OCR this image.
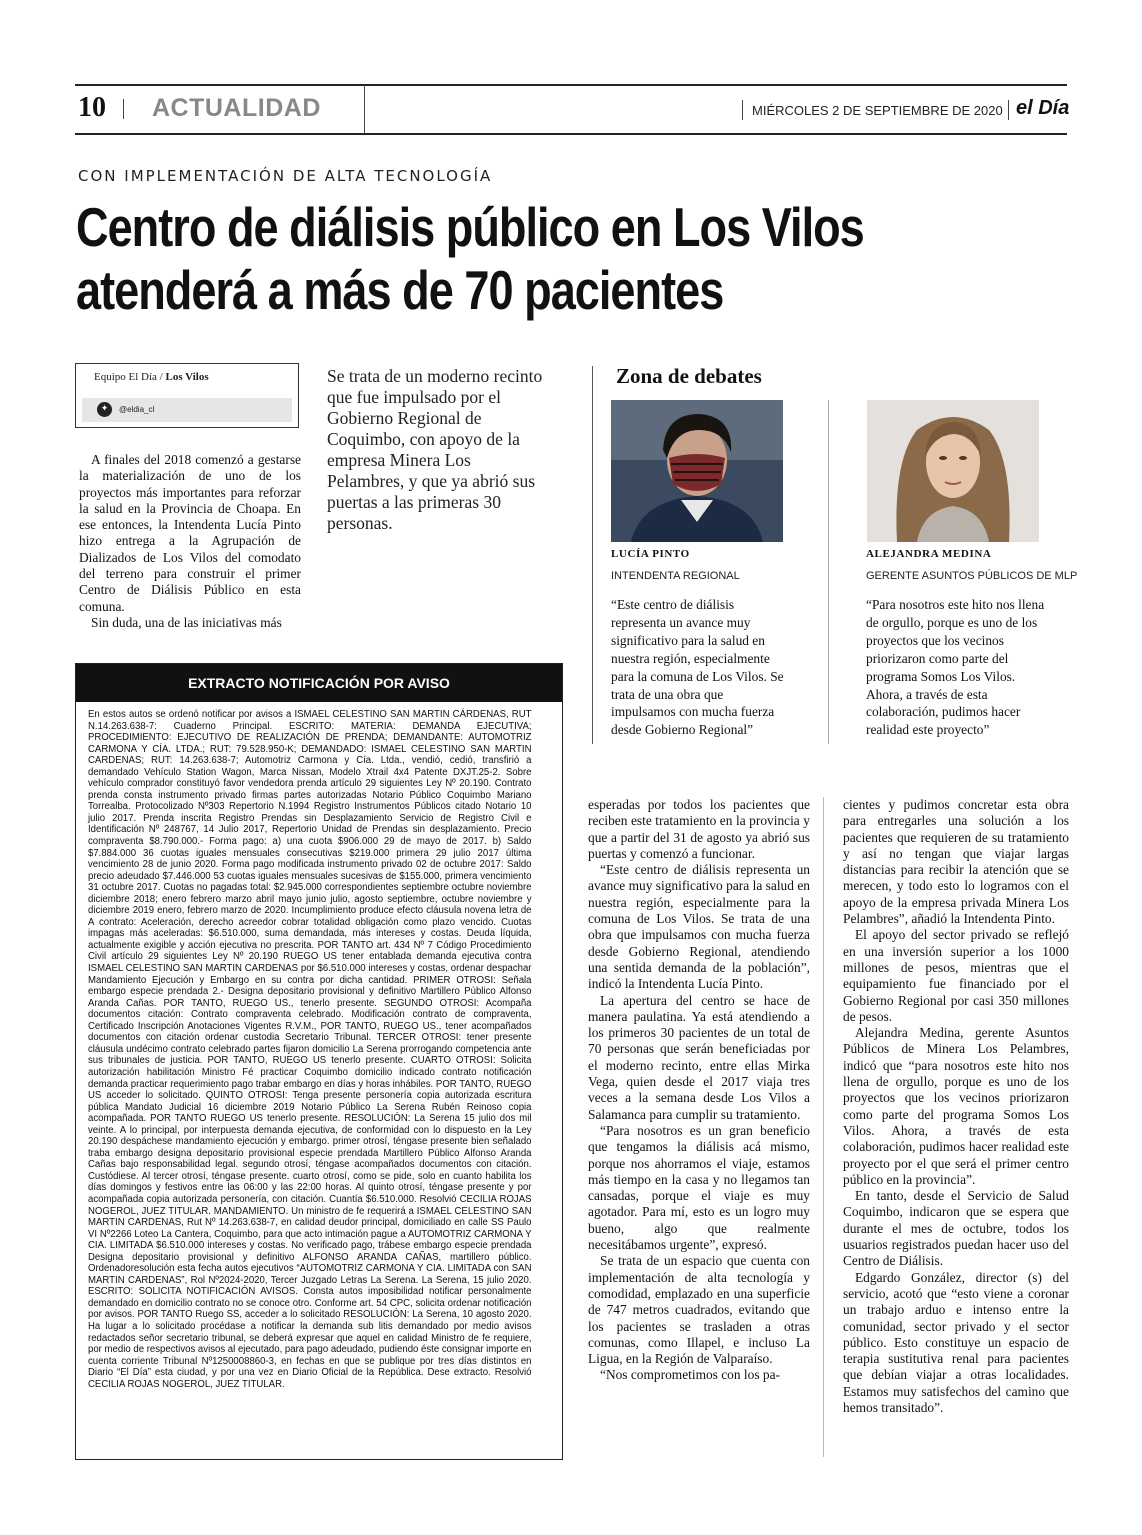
10 ACTUALIDAD	MIÉRCOLES 2 DE SEPTIEMBRE DE 2020 el Día
CON IMPLEMENTACIÓN DE ALTA TECNOLOGÍA
Centro de diálisis público en Los Vilos
atenderá a más de 70 pacientes
Equipo El Día / Los Vilos
✦	@eldia_cl
Se trata de un moderno recinto que fue impulsado por el Gobierno Regional de Coquimbo, con apoyo de la empresa Minera Los Pelambres, y que ya abrió sus puertas a las primeras 30 personas.

A finales del 2018 comenzó a gestarse la materialización de uno de los proyectos más importantes para reforzar la salud en la Provincia de Choapa. En ese entonces, la Intendenta Lucía Pinto hizo entrega a la Agrupación de Dializados de Los Vilos del comodato del terreno para construir el primer Centro de Diálisis Público en esta comuna.

Sin duda, una de las iniciativas más

EXTRACTO NOTIFICACIÓN POR AVISO
En estos autos se ordenó notificar por avisos a ISMAEL CELESTINO SAN MARTIN CÁRDENAS, RUT N.14.263.638-7: Cuaderno Principal. ESCRITO: MATERIA: DEMANDA EJECUTIVA; PROCEDIMIENTO: EJECUTIVO DE REALIZACIÓN DE PRENDA; DEMANDANTE: AUTOMOTRIZ CARMONA Y CÍA. LTDA.; RUT: 79.528.950-K; DEMANDADO: ISMAEL CELESTINO SAN MARTIN CARDENAS; RUT: 14.263.638-7; Automotriz Carmona y Cía. Ltda., vendió, cedió, transfirió a demandado Vehículo Station Wagon, Marca Nissan, Modelo Xtrail 4x4 Patente DXJT.25-2. Sobre vehículo comprador constituyó favor vendedora prenda artículo 29 siguientes Ley Nº 20.190. Contrato prenda consta instrumento privado firmas partes autorizadas Notario Público Coquimbo Mariano Torrealba. Protocolizado Nº303 Repertorio N.1994 Registro Instrumentos Públicos citado Notario 10 julio 2017. Prenda inscrita Registro Prendas sin Desplazamiento Servicio de Registro Civil e Identificación Nº 248767, 14 Julio 2017, Repertorio Unidad de Prendas sin desplazamiento. Precio compraventa $8.790.000.- Forma pago: a) una cuota $906.000 29 de mayo de 2017. b) Saldo $7.884.000 36 cuotas iguales mensuales consecutivas $219.000 primera 29 julio 2017 última vencimiento 28 de junio 2020. Forma pago modificada instrumento privado 02 de octubre 2017: Saldo precio adeudado $7.446.000 53 cuotas iguales mensuales sucesivas de $155.000, primera vencimiento 31 octubre 2017. Cuotas no pagadas total: $2.945.000 correspondientes septiembre octubre noviembre diciembre 2018; enero febrero marzo abril mayo junio julio, agosto septiembre, octubre noviembre y diciembre 2019 enero, febrero marzo de 2020. Incumplimiento produce efecto cláusula novena letra de A contrato: Aceleración, derecho acreedor cobrar totalidad obligación como plazo vencido. Cuotas impagas más aceleradas: $6.510.000, suma demandada, más intereses y costas. Deuda líquida, actualmente exigible y acción ejecutiva no prescrita. POR TANTO art. 434 Nº 7 Código Procedimiento Civil artículo 29 siguientes Ley Nº 20.190 RUEGO US tener entablada demanda ejecutiva contra ISMAEL CELESTINO SAN MARTIN CARDENAS por $6.510.000 intereses y costas, ordenar despachar Mandamiento Ejecución y Embargo en su contra por dicha cantidad. PRIMER OTROSI: Señala embargo especie prendada 2.- Designa depositario provisional y definitivo Martillero Público Alfonso Aranda Cañas. POR TANTO, RUEGO US., tenerlo presente. SEGUNDO OTROSI: Acompaña documentos citación: Contrato compraventa celebrado. Modificación contrato de compraventa, Certificado Inscripción Anotaciones Vigentes R.V.M., POR TANTO, RUEGO US., tener acompañados documentos con citación ordenar custodia Secretario Tribunal. TERCER OTROSI: tener presente cláusula undécimo contrato celebrado partes fijaron domicilio La Serena prorrogando competencia ante sus tribunales de justicia. POR TANTO, RUEGO US tenerlo presente. CUARTO OTROSI: Solicita autorización habilitación Ministro Fé practicar Coquimbo domicilio indicado contrato notificación demanda practicar requerimiento pago trabar embargo en días y horas inhábiles. POR TANTO, RUEGO US acceder lo solicitado. QUINTO OTROSI: Tenga presente personería copia autorizada escritura pública Mandato Judicial 16 diciembre 2019 Notario Público La Serena Rubén Reinoso copia acompañada. POR TANTO RUEGO US tenerlo presente. RESOLUCIÓN: La Serena 15 julio dos mil veinte. A lo principal, por interpuesta demanda ejecutiva, de conformidad con lo dispuesto en la Ley 20.190 despáchese mandamiento ejecución y embargo. primer otrosí, téngase presente bien señalado traba embargo designa depositario provisional especie prendada Martillero Público Alfonso Aranda Cañas bajo responsabilidad legal. segundo otrosí, téngase acompañados documentos con citación. Custódiese. Al tercer otrosí, téngase presente. cuarto otrosí, como se pide, solo en cuanto habilita los días domingos y festivos entre las 06:00 y las 22:00 horas. Al quinto otrosí, téngase presente y por acompañada copia autorizada personería, con citación. Cuantía $6.510.000. Resolvió CECILIA ROJAS NOGEROL, JUEZ TITULAR. MANDAMIENTO. Un ministro de fe requerirá a ISMAEL CELESTINO SAN MARTIN CARDENAS, Rut Nº 14.263.638-7, en calidad deudor principal, domiciliado en calle SS Paulo VI Nº2266 Loteo La Cantera, Coquimbo, para que acto intimación pague a AUTOMOTRIZ CARMONA Y CIA. LIMITADA $6.510.000 intereses y costas. No verificado pago, trábese embargo especie prendada Designa depositario provisional y definitivo ALFONSO ARANDA CAÑAS, martillero público. Ordenadoresolución esta fecha autos ejecutivos “AUTOMOTRIZ CARMONA Y CIA. LIMITADA con SAN MARTIN CARDENAS”, Rol Nº2024-2020, Tercer Juzgado Letras La Serena. La Serena, 15 julio 2020. ESCRITO: SOLICITA NOTIFICACIÓN AVISOS. Consta autos imposibilidad notificar personalmente demandado en domicilio contrato no se conoce otro. Conforme art. 54 CPC, solicita ordenar notificación por avisos. POR TANTO Ruego SS, acceder a lo solicitado RESOLUCIÓN: La Serena, 10 agosto 2020. Ha lugar a lo solicitado procédase a notificar la demanda sub litis demandado por medio avisos redactados señor secretario tribunal, se deberá expresar que aquel en calidad Ministro de fe requiere, por medio de respectivos avisos al ejecutado, para pago adeudado, pudiendo éste consignar importe en cuenta corriente Tribunal Nº1250008860-3, en fechas en que se publique por tres días distintos en Diario “El Día” esta ciudad, y por una vez en Diario Oficial de la República. Dese extracto. Resolvió CECILIA ROJAS NOGEROL, JUEZ TITULAR.
Zona de debates
LUCÍA PINTO
INTENDENTA REGIONAL
“Este centro de diálisis representa un avance muy significativo para la salud en nuestra región, especialmente para la comuna de Los Vilos. Se trata de una obra que impulsamos con mucha fuerza desde Gobierno Regional”
ALEJANDRA MEDINA
GERENTE ASUNTOS PÚBLICOS DE MLP
“Para nosotros este hito nos llena de orgullo, porque es uno de los proyectos que los vecinos priorizaron como parte del programa Somos Los Vilos. Ahora, a través de esta colaboración, pudimos hacer realidad este proyecto”

esperadas por todos los pacientes que reciben este tratamiento en la provincia y que a partir del 31 de agosto ya abrió sus puertas y comenzó a funcionar.

“Este centro de diálisis representa un avance muy significativo para la salud en nuestra región, especialmente para la comuna de Los Vilos. Se trata de una obra que impulsamos con mucha fuerza desde Gobierno Regional, atendiendo una sentida demanda de la población”, indicó la Intendenta Lucía Pinto.

La apertura del centro se hace de manera paulatina. Ya está atendiendo a los primeros 30 pacientes de un total de 70 personas que serán beneficiadas por el moderno recinto, entre ellas Mirka Vega, quien desde el 2017 viaja tres veces a la semana desde Los Vilos a Salamanca para cumplir su tratamiento.

“Para nosotros es un gran beneficio que tengamos la diálisis acá mismo, porque nos ahorramos el viaje, estamos más tiempo en la casa y no llegamos tan cansadas, porque el viaje es muy agotador. Para mí, esto es un logro muy bueno, algo que realmente necesitábamos urgente”, expresó.

Se trata de un espacio que cuenta con implementación de alta tecnología y comodidad, emplazado en una superficie de 747 metros cuadrados, evitando que los pacientes se trasladen a otras comunas, como Illapel, e incluso La Ligua, en la Región de Valparaíso.

“Nos comprometimos con los pa-

cientes y pudimos concretar esta obra para entregarles una solución a los pacientes que requieren de su tratamiento y así no tengan que viajar largas distancias para recibir la atención que se merecen, y todo esto lo logramos con el apoyo de la empresa privada Minera Los Pelambres”, añadió la Intendenta Pinto.

El apoyo del sector privado se reflejó en una inversión superior a los 1000 millones de pesos, mientras que el equipamiento fue financiado por el Gobierno Regional por casi 350 millones de pesos.

Alejandra Medina, gerente Asuntos Públicos de Minera Los Pelambres, indicó que “para nosotros este hito nos llena de orgullo, porque es uno de los proyectos que los vecinos priorizaron como parte del programa Somos Los Vilos. Ahora, a través de esta colaboración, pudimos hacer realidad este proyecto por el que será el primer centro público en la provincia”.

En tanto, desde el Servicio de Salud Coquimbo, indicaron que se espera que durante el mes de octubre, todos los usuarios registrados puedan hacer uso del Centro de Diálisis.

Edgardo González, director (s) del servicio, acotó que “esto viene a coronar un trabajo arduo e intenso entre la comunidad, sector privado y el sector público. Esto constituye un espacio de terapia sustitutiva renal para pacientes que debían viajar a otras localidades. Estamos muy satisfechos del camino que hemos transitado”.
